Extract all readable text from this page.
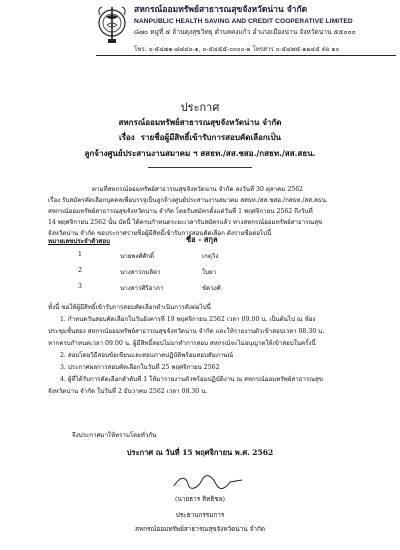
สหกรณ์ออมทรัพย์สาธารณสุขจังหวัดน่าน จำกัด
NANPUBLIC HEALTH SAVING AND CREDIT COOPERATIVE LIMITED
๘๗๐ หมู่ที่ ๕ ถ้านดุงสุขวิทยุ ตำบลคงแก้ว อำเภอเมืองน่าน จังหวัดน่าน ๕๕๐๐๐
โทร. ๐-๕๔๗๑-๘๘๔๐-๑, ๐-๕๔๕๕-๐๐๐๐-๒ โทรสาร ๐-๕๔๗๕-๑๒๔๕ ต่อ ๑๐
ประกาศ
สหกรณ์ออมทรัพย์สาธารณสุขจังหวัดน่าน จำกัด
เรื่อง รายชื่อผู้มีสิทธิ์เข้ารับการสอบคัดเลือกเป็น
ลูกจ้างศูนย์ประสานงานสมาคม ฯ สสธท./สส.ชสอ./กสธท./สส.สธน.
ตามที่สหกรณ์ออมทรัพย์สาธารณสุขจังหวัดน่าน จำกัด ลงวันที่ 30 ตุลาคม 2562
เรื่อง รับสมัครคัดเลือกบุคคลเพื่อบรรจุเป็นลูกจ้างศูนย์ประสานงานสมาคม สสธท./สส.ชสอ./กสธท./สส.สธน.
สหกรณ์ออมทรัพย์สาธารณสุขจังหวัดน่าน จำกัด โดยรับสมัครตั้งแต่วันที่ 1 พฤศจิกายน 2562 ถึงวันที่
14 พฤศจิกายน 2562 นั้น บัดนี้ ได้ครบกำหนดระยะเวลารับสมัครแล้ว ทางสหกรณ์ออมทรัพย์สาธารณสุข
จังหวัดน่าน จำกัด ขอประกาศรายชื่อผู้มีสิทธิ์เข้ารับการสอบคัดเลือก ดังรายชื่อต่อไปนี้
หมายเลขประจำตัวสอบ	ชื่อ - สกุล
1	นายพงศ์ศักดิ์	เกตุวิง
2	นางสาวกมลิตา	ใบยา
3	นางสาวศิริอาภา	ขัดวงศ์
ทั้งนี้ ขอให้ผู้มีสิทธิ์เข้ารับการสอบคัดเลือกดำเนินการดังต่อไปนี้
1. กำหนดวันสอบคัดเลือกในวันอังคารที่ 19 พฤศจิกายน 2562 เวลา 09.00 น. เป็นต้นไป ณ ห้อง
ประชุมชั้นสอง สหกรณ์ออมทรัพย์สาธารณสุขจังหวัดน่าน จำกัด และให้รายงานตัวเข้าสอบเวลา 08.30 น.
หากครบกำหนดเวลา 09.00 น. ผู้มีสิทธิ์สอบไม่มาทำการสอบ สหกรณ์จะไม่อนุญาตให้เข้าสอบในครั้งนี้
2. สอบโดยวิธีสอบข้อเขียนและสอบภาคปฏิบัติพร้อมสอบสัมภาษณ์
3. ประกาศผลการสอบคัดเลือกในวันที่ 25 พฤศจิกายน 2562
4. ผู้ที่ได้รับการคัดเลือกลำดับที่ 1 ให้มารายงานตัวพร้อมปฏิบัติงาน ณ สหกรณ์ออมทรัพย์สาธารณสุข
จังหวัดน่าน จำกัด ในวันที่ 2 ธันวาคม 2562 เวลา 08.30 น.
จึงประกาศมาให้ทราบโดยทั่วกัน
ประกาศ ณ วันที่ 15 พฤศจิกายน พ.ศ. 2562
(นายธาร สิทธิชล)
ประธานกรรมการ
สหกรณ์ออมทรัพย์สาธารณสุขจังหวัดน่าน จำกัด
